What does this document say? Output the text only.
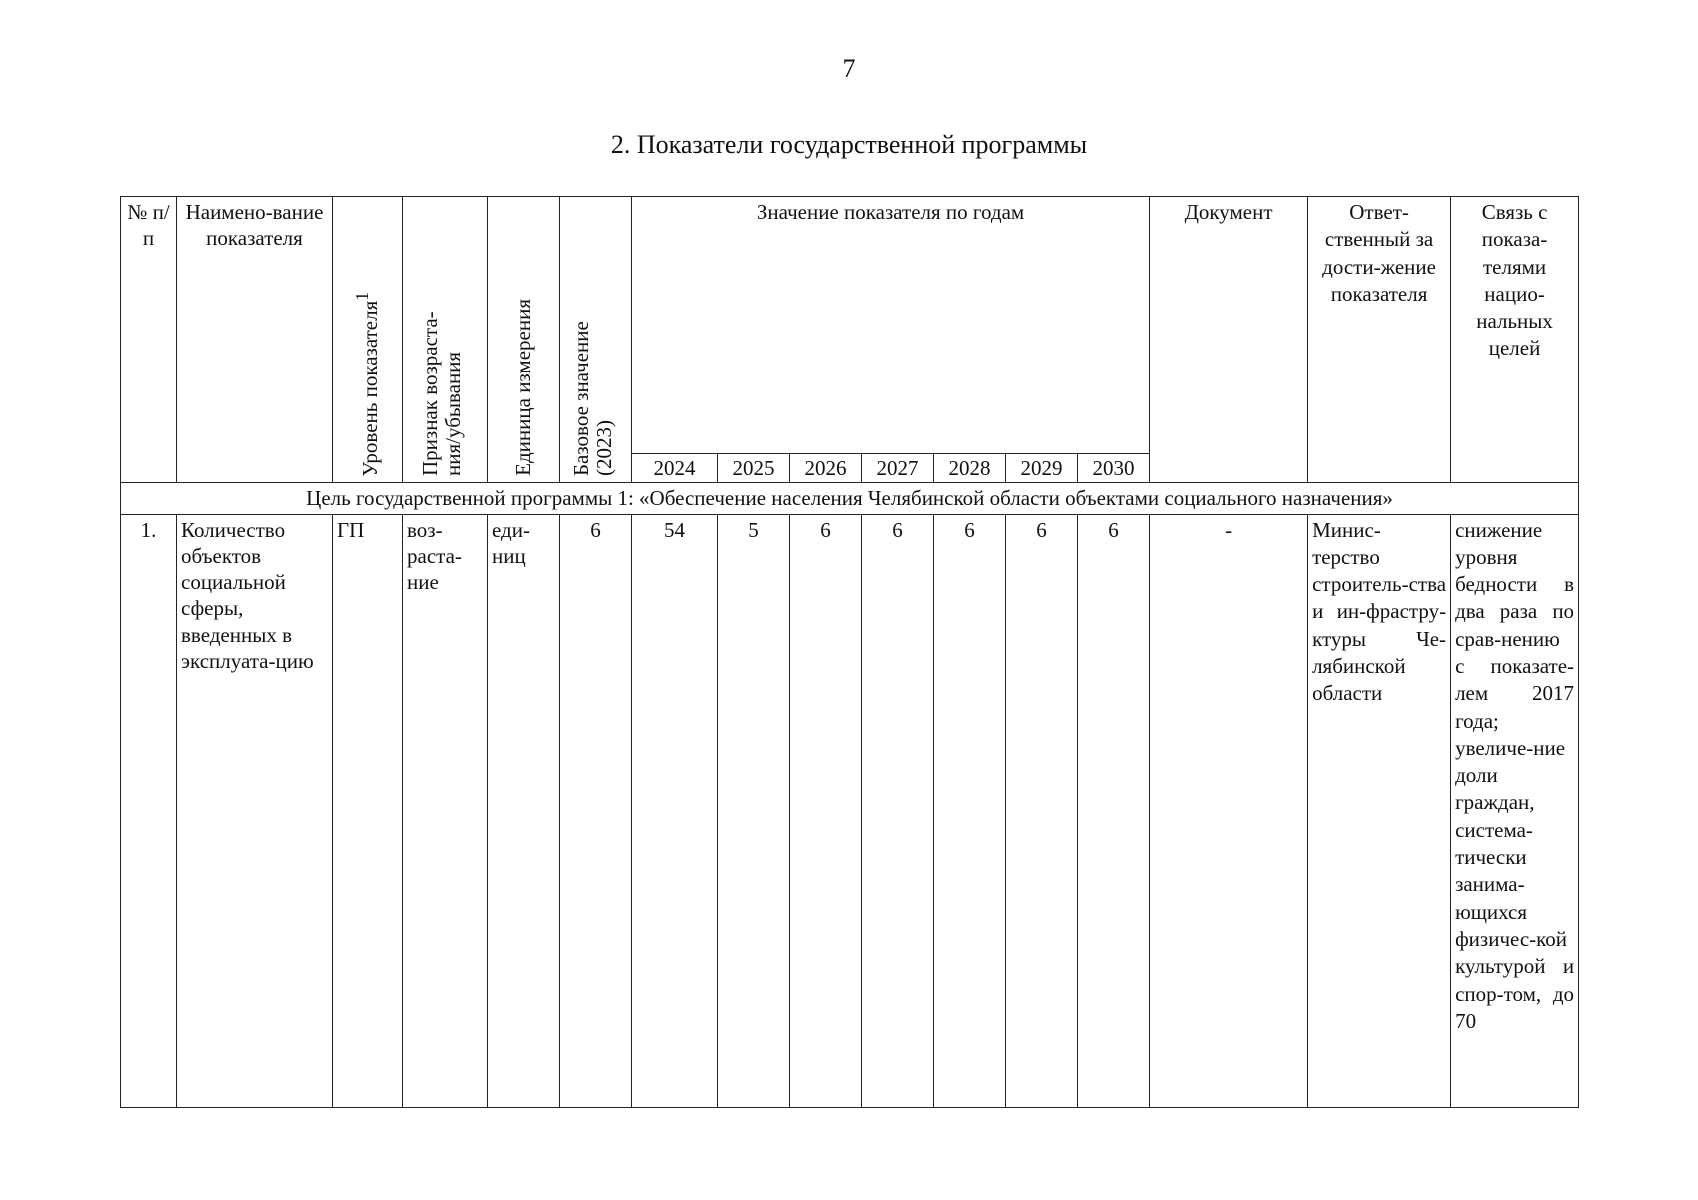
7
2. Показатели государственной программы
№ п/п	Наимено-вание показателя	Уровень показателя$^1$	Признак возраста-ния/убывания	Единица измерения	Базовое значение (2023)	Значение показателя по годам							Документ	Ответ-ственный за дости-жение показателя	Связь с показа-телями нацио-нальных целей
						2024	2025	2026	2027	2028	2029	2030			
Цель государственной программы 1: «Обеспечение населения Челябинской области объектами социального назначения»															
1.	Количество объектов социальной сферы, введенных в эксплуата-цию	ГП	воз-раста-ние	еди-ниц	6	54	5	6	6	6	6	6	-	Минис-терство строитель-ства и ин-фрастру-ктуры Че-лябинской области	снижение уровня бедности в два раза по срав-нению с показате-лем 2017 года; увеличе-ние доли граждан, система-тически занима-ющихся физичес-кой культурой и спор-том, до 70
